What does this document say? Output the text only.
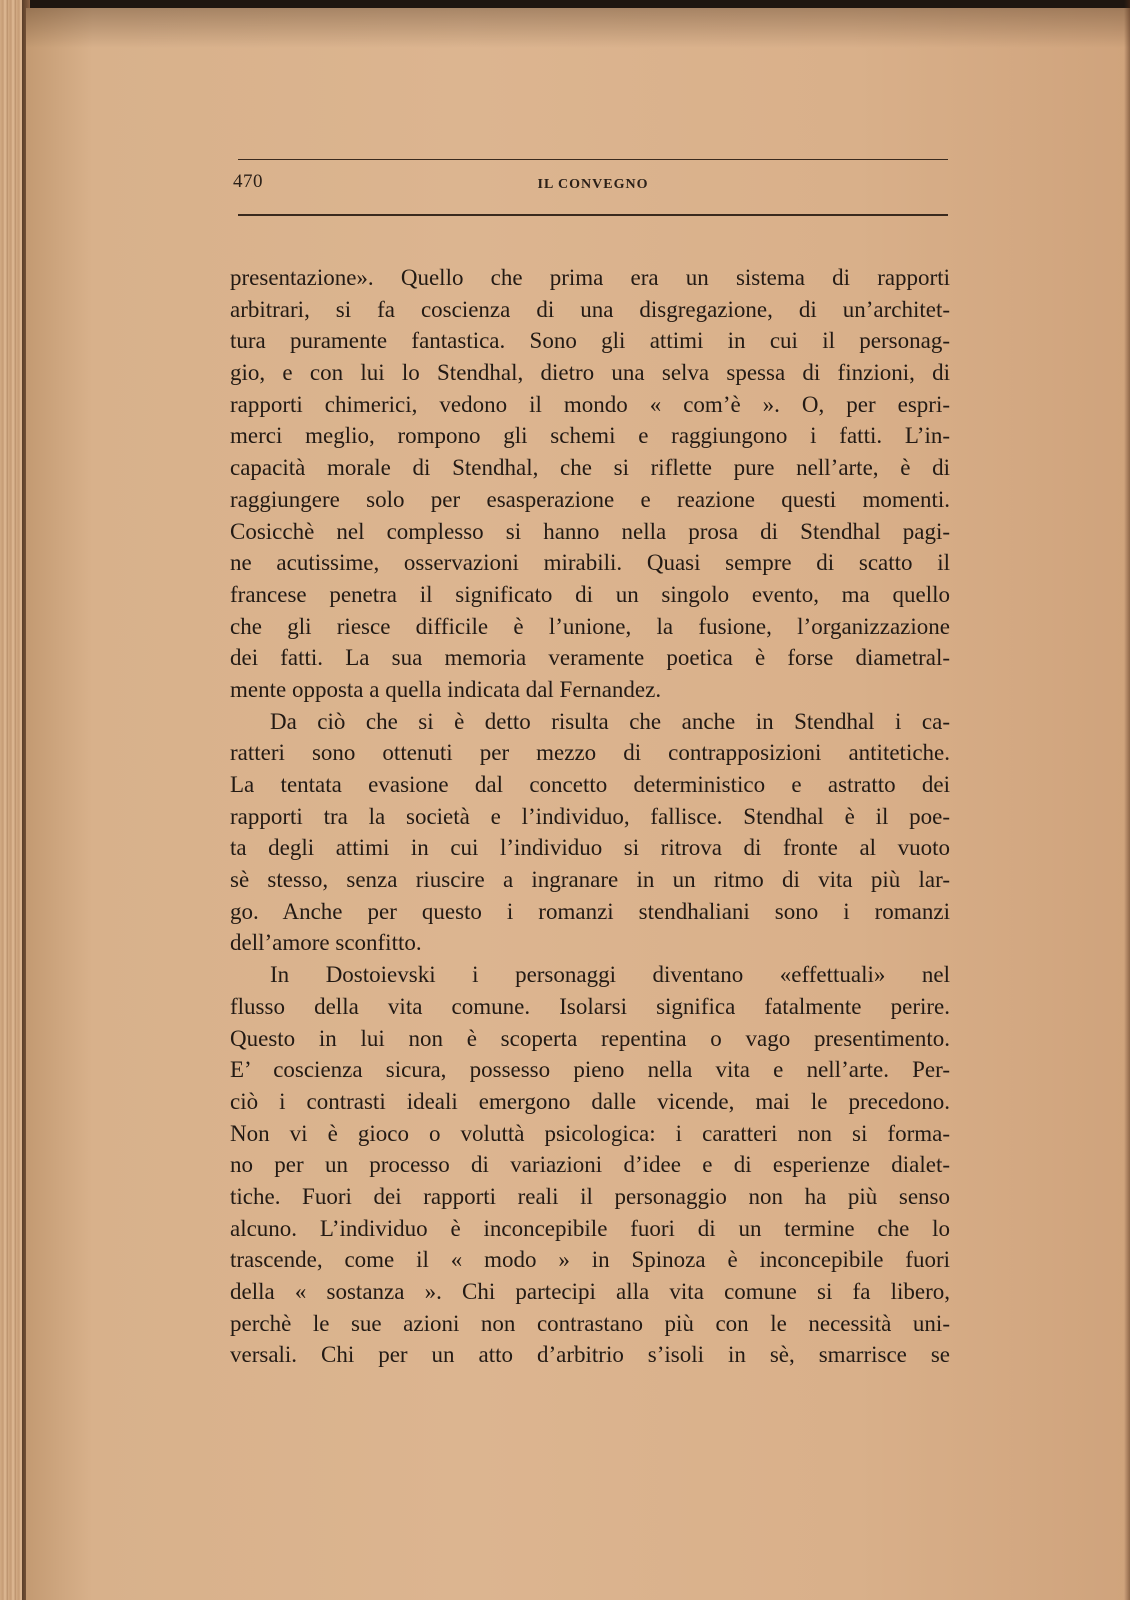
470	IL CONVEGNO
presentazione». Quello che prima era un sistema di rapporti
arbitrari, si fa coscienza di una disgregazione, di un’architet-
tura puramente fantastica. Sono gli attimi in cui il personag-
gio, e con lui lo Stendhal, dietro una selva spessa di finzioni, di
rapporti chimerici, vedono il mondo « com’è ». O, per espri-
merci meglio, rompono gli schemi e raggiungono i fatti. L’in-
capacità morale di Stendhal, che si riflette pure nell’arte, è di
raggiungere solo per esasperazione e reazione questi momenti.
Cosicchè nel complesso si hanno nella prosa di Stendhal pagi-
ne acutissime, osservazioni mirabili. Quasi sempre di scatto il
francese penetra il significato di un singolo evento, ma quello
che gli riesce difficile è l’unione, la fusione, l’organizzazione
dei fatti. La sua memoria veramente poetica è forse diametral-
mente opposta a quella indicata dal Fernandez.
Da ciò che si è detto risulta che anche in Stendhal i ca-
ratteri sono ottenuti per mezzo di contrapposizioni antitetiche.
La tentata evasione dal concetto deterministico e astratto dei
rapporti tra la società e l’individuo, fallisce. Stendhal è il poe-
ta degli attimi in cui l’individuo si ritrova di fronte al vuoto
sè stesso, senza riuscire a ingranare in un ritmo di vita più lar-
go. Anche per questo i romanzi stendhaliani sono i romanzi
dell’amore sconfitto.
In Dostoievski i personaggi diventano «effettuali» nel
flusso della vita comune. Isolarsi significa fatalmente perire.
Questo in lui non è scoperta repentina o vago presentimento.
E’ coscienza sicura, possesso pieno nella vita e nell’arte. Per-
ciò i contrasti ideali emergono dalle vicende, mai le precedono.
Non vi è gioco o voluttà psicologica: i caratteri non si forma-
no per un processo di variazioni d’idee e di esperienze dialet-
tiche. Fuori dei rapporti reali il personaggio non ha più senso
alcuno. L’individuo è inconcepibile fuori di un termine che lo
trascende, come il « modo » in Spinoza è inconcepibile fuori
della « sostanza ». Chi partecipi alla vita comune si fa libero,
perchè le sue azioni non contrastano più con le necessità uni-
versali. Chi per un atto d’arbitrio s’isoli in sè, smarrisce se
